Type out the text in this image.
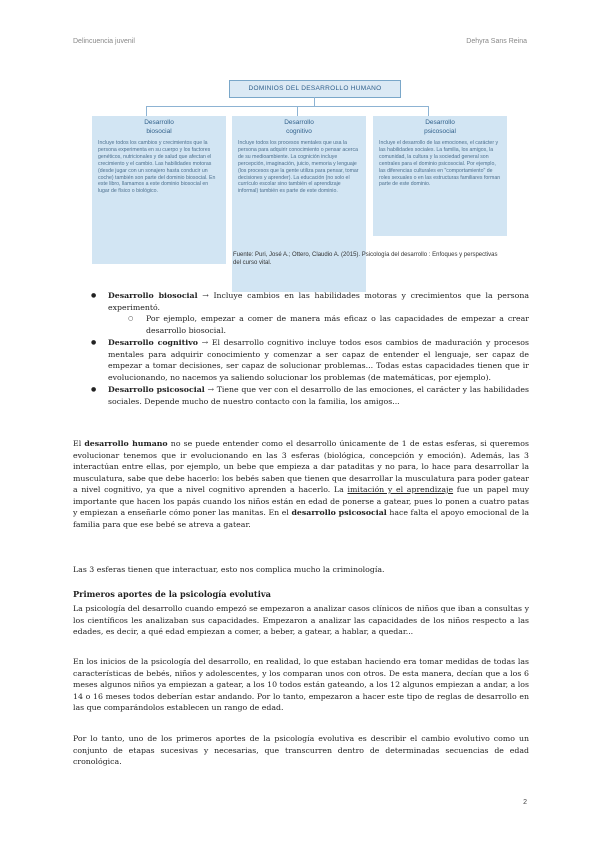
Delincuencia juvenil	Dehyra Sans Reina
DOMINIOS DEL DESARROLLO HUMANO
Desarrollo
biosocial
Incluye todos los cambios y crecimientos que la persona experimenta en su cuerpo y los factores genéticos, nutricionales y de salud que afectan el crecimiento y el cambio. Las habilidades motoras (desde jugar con un sonajero hasta conducir un coche) también son parte del dominio biosocial. En este libro, llamamos a este dominio biosocial en lugar de físico o biológico.
Desarrollo
cognitivo
Incluye todos los procesos mentales que usa la persona para adquirir conocimiento o pensar acerca de su medioambiente. La cognición incluye percepción, imaginación, juicio, memoria y lenguaje (los procesos que la gente utiliza para pensar, tomar decisiones y aprender). La educación (no solo el currículo escolar sino también el aprendizaje informal) también es parte de este dominio.
Desarrollo
psicosocial
Incluye el desarrollo de las emociones, el carácter y las habilidades sociales. La familia, los amigos, la comunidad, la cultura y la sociedad general son centrales para el dominio psicosocial. Por ejemplo, las diferencias culturales en "comportamiento" de roles sexuales o en las estructuras familiares forman parte de este dominio.
Fuente: Puri, José A.; Ottero, Claudio A. (2015). Psicología del desarrollo : Enfoques y perspectivas del curso vital.
● Desarrollo biosocial → Incluye cambios en las habilidades motoras y crecimientos que la persona experimentó.
○ Por ejemplo, empezar a comer de manera más eficaz o las capacidades de empezar a crear desarrollo biosocial.
● Desarrollo cognitivo → El desarrollo cognitivo incluye todos esos cambios de maduración y procesos mentales para adquirir conocimiento y comenzar a ser capaz de entender el lenguaje, ser capaz de empezar a tomar decisiones, ser capaz de solucionar problemas... Todas estas capacidades tienen que ir evolucionando, no nacemos ya saliendo solucionar los problemas (de matemáticas, por ejemplo).
● Desarrollo psicosocial → Tiene que ver con el desarrollo de las emociones, el carácter y las habilidades sociales. Depende mucho de nuestro contacto con la familia, los amigos...

El desarrollo humano no se puede entender como el desarrollo únicamente de 1 de estas esferas, si queremos evolucionar tenemos que ir evolucionando en las 3 esferas (biológica, concepción y emoción). Además, las 3 interactúan entre ellas, por ejemplo, un bebe que empieza a dar pataditas y no para, lo hace para desarrollar la musculatura, sabe que debe hacerlo: los bebés saben que tienen que desarrollar la musculatura para poder gatear a nivel cognitivo, ya que a nivel cognitivo aprenden a hacerlo. La imitación y el aprendizaje fue un papel muy importante que hacen los papás cuando los niños están en edad de ponerse a gatear, pues lo ponen a cuatro patas y empiezan a enseñarle cómo poner las manitas. En el desarrollo psicosocial hace falta el apoyo emocional de la familia para que ese bebé se atreva a gatear.

Las 3 esferas tienen que interactuar, esto nos complica mucho la criminología.

Primeros aportes de la psicología evolutiva

La psicología del desarrollo cuando empezó se empezaron a analizar casos clínicos de niños que iban a consultas y los científicos les analizaban sus capacidades. Empezaron a analizar las capacidades de los niños respecto a las edades, es decir, a qué edad empiezan a comer, a beber, a gatear, a hablar, a quedar...

En los inicios de la psicología del desarrollo, en realidad, lo que estaban haciendo era tomar medidas de todas las características de bebés, niños y adolescentes, y los comparan unos con otros. De esta manera, decían que a los 6 meses algunos niños ya empiezan a gatear, a los 10 todos están gateando, a los 12 algunos empiezan a andar, a los 14 o 16 meses todos deberían estar andando. Por lo tanto, empezaron a hacer este tipo de reglas de desarrollo en las que comparándolos establecen un rango de edad.

Por lo tanto, uno de los primeros aportes de la psicología evolutiva es describir el cambio evolutivo como un conjunto de etapas sucesivas y necesarias, que transcurren dentro de determinadas secuencias de edad cronológica.

2
